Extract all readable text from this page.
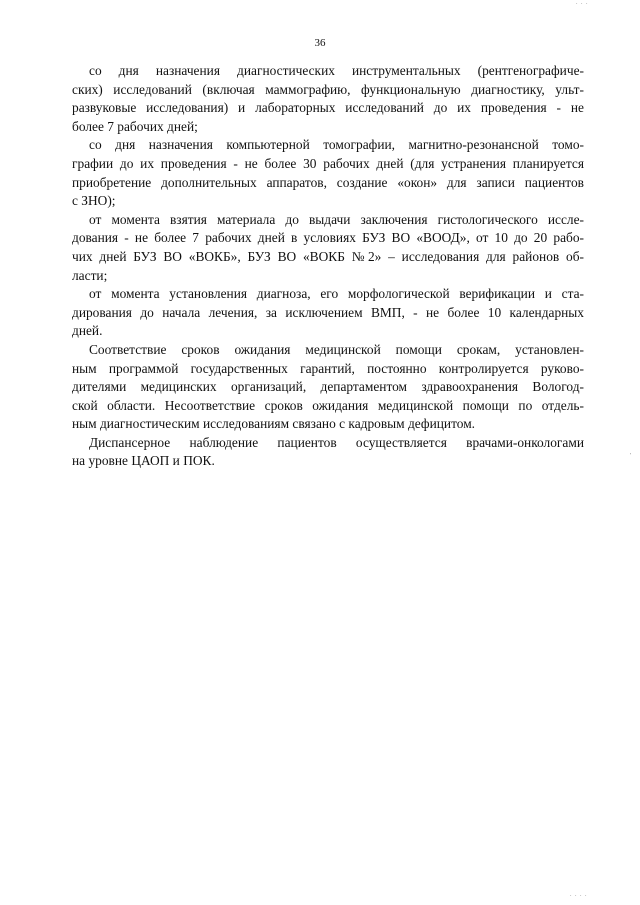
36

со дня назначения диагностических инструментальных (рентгенографиче-
ских) исследований (включая маммографию, функциональную диагностику, ульт-
развуковые исследования) и лабораторных исследований до их проведения - не
более 7 рабочих дней;

со дня назначения компьютерной томографии, магнитно-резонансной томо-
графии до их проведения - не более 30 рабочих дней (для устранения планируется
приобретение дополнительных аппаратов, создание «окон» для записи пациентов
с ЗНО);

от момента взятия материала до выдачи заключения гистологического иссле-
дования - не более 7 рабочих дней в условиях БУЗ ВО «ВООД», от 10 до 20 рабо-
чих дней БУЗ ВО «ВОКБ», БУЗ ВО «ВОКБ №2» – исследования для районов об-
ласти;

от момента установления диагноза, его морфологической верификации и ста-
дирования до начала лечения, за исключением ВМП, - не более 10 календарных
дней.

Соответствие сроков ожидания медицинской помощи срокам, установлен-
ным программой государственных гарантий, постоянно контролируется руково-
дителями медицинских организаций, департаментом здравоохранения Вологод-
ской области. Несоответствие сроков ожидания медицинской помощи по отдель-
ным диагностическим исследованиям связано с кадровым дефицитом.

Диспансерное наблюдение пациентов осуществляется врачами-онкологами
на уровне ЦАОП и ПОК.

. . .
'
. . . .
